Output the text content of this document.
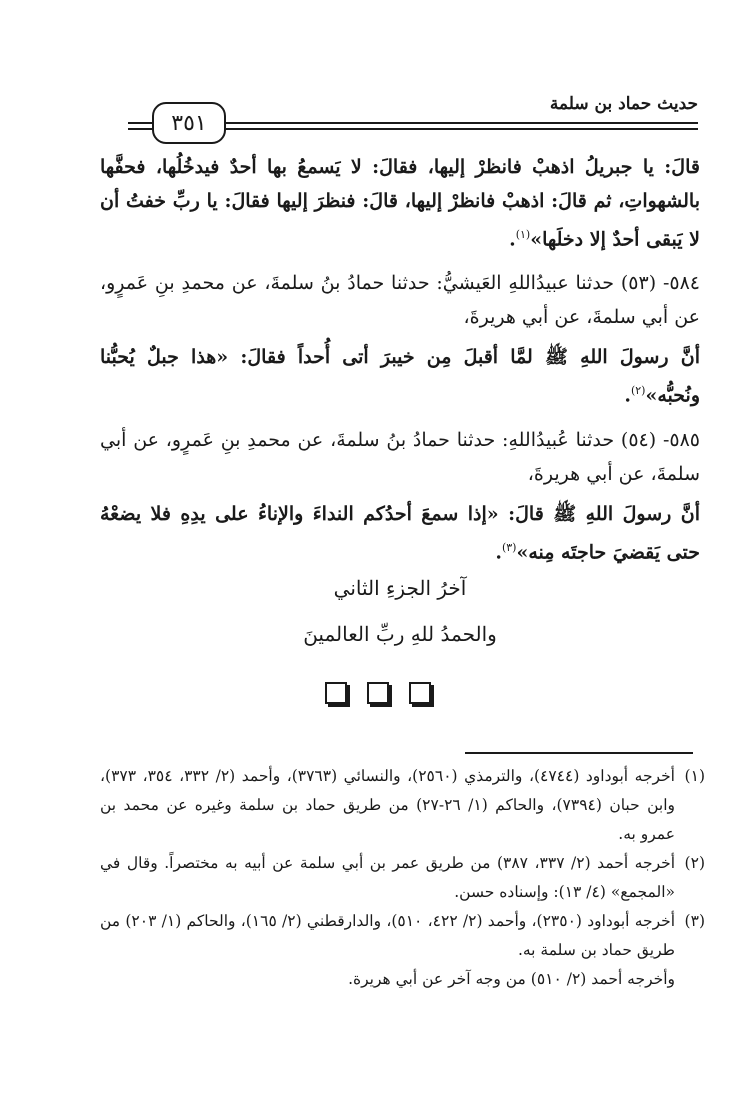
٣٥١
حديث حماد بن سلمة

قالَ: يا جبريلُ اذهبْ فانظرْ إليها، فقالَ: لا يَسمعُ بها أحدٌ فيدخُلُها، فحفَّها بالشهواتِ، ثم قالَ: اذهبْ فانظرْ إليها، قالَ: فنظرَ إليها فقالَ: يا ربِّ خفتُ أن لا يَبقى أحدٌ إلا دخلَها»$^{(١)}$.

٥٨٤- (٥٣) حدثنا عبيدُاللهِ العَيشيُّ: حدثنا حمادُ بنُ سلمةَ، عن محمدِ بنِ عَمرٍو، عن أبي سلمةَ، عن أبي هريرةَ،

أنَّ رسولَ اللهِ ﷺ لمَّا أقبلَ مِن خيبرَ أتى أُحداً فقالَ: «هذا جبلٌ يُحبُّنا ونُحبُّه»$^{(٢)}$.

٥٨٥- (٥٤) حدثنا عُبيدُاللهِ: حدثنا حمادُ بنُ سلمةَ، عن محمدِ بنِ عَمرٍو، عن أبي سلمةَ، عن أبي هريرةَ،

أنَّ رسولَ اللهِ ﷺ قالَ: «إذا سمعَ أحدُكم النداءَ والإناءُ على يدِهِ فلا يضعْهُ حتى يَقضيَ حاجتَه مِنه»$^{(٣)}$.

آخرُ الجزءِ الثاني
والحمدُ للهِ ربِّ العالمينَ

(١)
أخرجه أبوداود (٤٧٤٤)، والترمذي (٢٥٦٠)، والنسائي (٣٧٦٣)، وأحمد (٢/ ٣٣٢، ٣٥٤، ٣٧٣)، وابن حبان (٧٣٩٤)، والحاكم (١/ ٢٦-٢٧) من طريق حماد بن سلمة وغيره عن محمد بن عمرو به.

(٢)
أخرجه أحمد (٢/ ٣٣٧، ٣٨٧) من طريق عمر بن أبي سلمة عن أبيه به مختصراً. وقال في «المجمع» (٤/ ١٣): وإسناده حسن.

(٣)
أخرجه أبوداود (٢٣٥٠)، وأحمد (٢/ ٤٢٢، ٥١٠)، والدارقطني (٢/ ١٦٥)، والحاكم (١/ ٢٠٣) من طريق حماد بن سلمة به.

وأخرجه أحمد (٢/ ٥١٠) من وجه آخر عن أبي هريرة.
